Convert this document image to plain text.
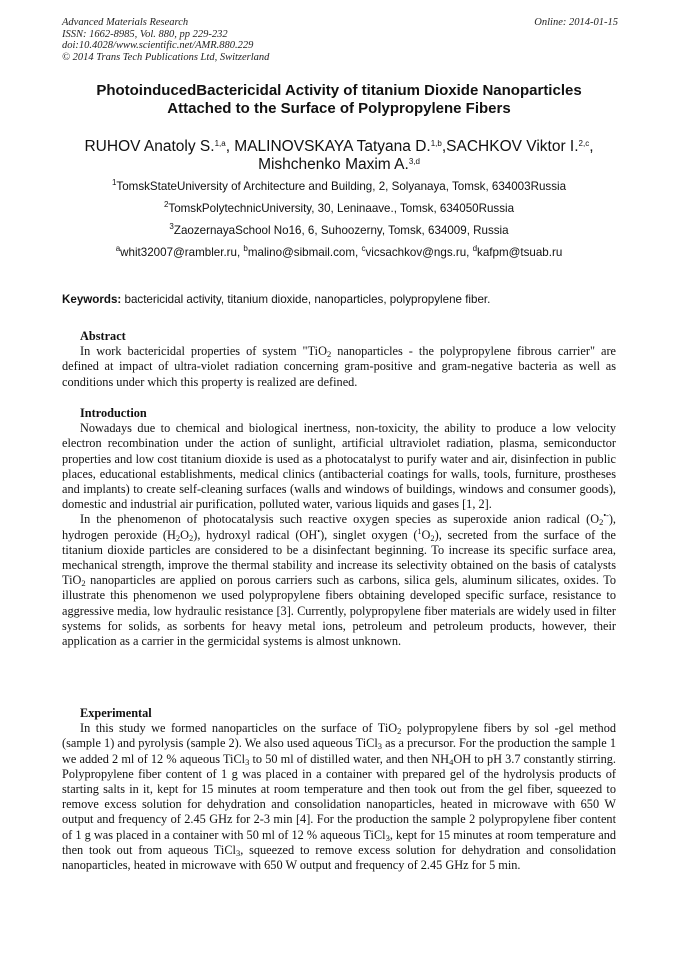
Advanced Materials Research
ISSN: 1662-8985, Vol. 880, pp 229-232
doi:10.4028/www.scientific.net/AMR.880.229
© 2014 Trans Tech Publications Ltd, Switzerland
Online: 2014-01-15
PhotoinducedBactericidal Activity of titanium Dioxide Nanoparticles
Attached to the Surface of Polypropylene Fibers
RUHOV Anatoly S.$^{1,a}$, MALINOVSKAYA Tatyana D.$^{1,b}$,SACHKOV Viktor I.$^{2,c}$,
Mishchenko Maxim A.$^{3,d}$
$^1$TomskStateUniversity of Architecture and Building, 2, Solyanaya, Tomsk, 634003Russia
$^2$TomskPolytechnicUniversity, 30, Leninaave., Tomsk, 634050Russia
$^3$ZaozernayaSchool No16, 6, Suhoozerny, Tomsk, 634009, Russia
$^a$whit32007@rambler.ru, $^b$malino@sibmail.com, $^c$vicsachkov@ngs.ru, $^d$kafpm@tsuab.ru
Keywords: bactericidal activity, titanium dioxide, nanoparticles, polypropylene fiber.
Abstract

In work bactericidal properties of system "TiO$_2$ nanoparticles - the polypropylene fibrous carrier" are defined at impact of ultra-violet radiation concerning gram-positive and gram-negative bacteria as well as conditions under which this property is realized are defined.

Introduction

Nowadays due to chemical and biological inertness, non-toxicity, the ability to produce a low velocity electron recombination under the action of sunlight, artificial ultraviolet radiation, plasma, semiconductor properties and low cost titanium dioxide is used as a photocatalyst to purify water and air, disinfection in public places, educational establishments, medical clinics (antibacterial coatings for walls, tools, furniture, prostheses and implants) to create self-cleaning surfaces (walls and windows of buildings, windows and consumer goods), domestic and industrial air purification, polluted water, various liquids and gases [1, 2].

In the phenomenon of photocatalysis such reactive oxygen species as superoxide anion radical $(O_2^{•-})$, hydrogen peroxide $(H_2O_2)$, hydroxyl radical (OH•), singlet oxygen $(^1O_2)$, secreted from the surface of the titanium dioxide particles are considered to be a disinfectant beginning. To increase its specific surface area, mechanical strength, improve the thermal stability and increase its selectivity obtained on the basis of catalysts TiO$_2$ nanoparticles are applied on porous carriers such as carbons, silica gels, aluminum silicates, oxides. To illustrate this phenomenon we used polypropylene fibers obtaining developed specific surface, resistance to aggressive media, low hydraulic resistance [3]. Currently, polypropylene fiber materials are widely used in filter systems for solids, as sorbents for heavy metal ions, petroleum and petroleum products, however, their application as a carrier in the germicidal systems is almost unknown.

Experimental

In this study we formed nanoparticles on the surface of TiO$_2$ polypropylene fibers by sol -gel method (sample 1) and pyrolysis (sample 2). We also used aqueous TiCl$_3$ as a precursor. For the production the sample 1 we added 2 ml of 12 % aqueous TiCl$_3$ to 50 ml of distilled water, and then $NH_4OH$ to pH 3.7 constantly stirring. Polypropylene fiber content of 1 g was placed in a container with prepared gel of the hydrolysis products of starting salts in it, kept for 15 minutes at room temperature and then took out from the gel fiber, squeezed to remove excess solution for dehydration and consolidation nanoparticles, heated in microwave with 650 W output and frequency of 2.45 GHz for 2-3 min [4]. For the production the sample 2 polypropylene fiber content of 1 g was placed in a container with 50 ml of 12 % aqueous TiCl$_3$, kept for 15 minutes at room temperature and then took out from aqueous TiCl$_3$, squeezed to remove excess solution for dehydration and consolidation nanoparticles, heated in microwave with 650 W output and frequency of 2.45 GHz for 5 min.
